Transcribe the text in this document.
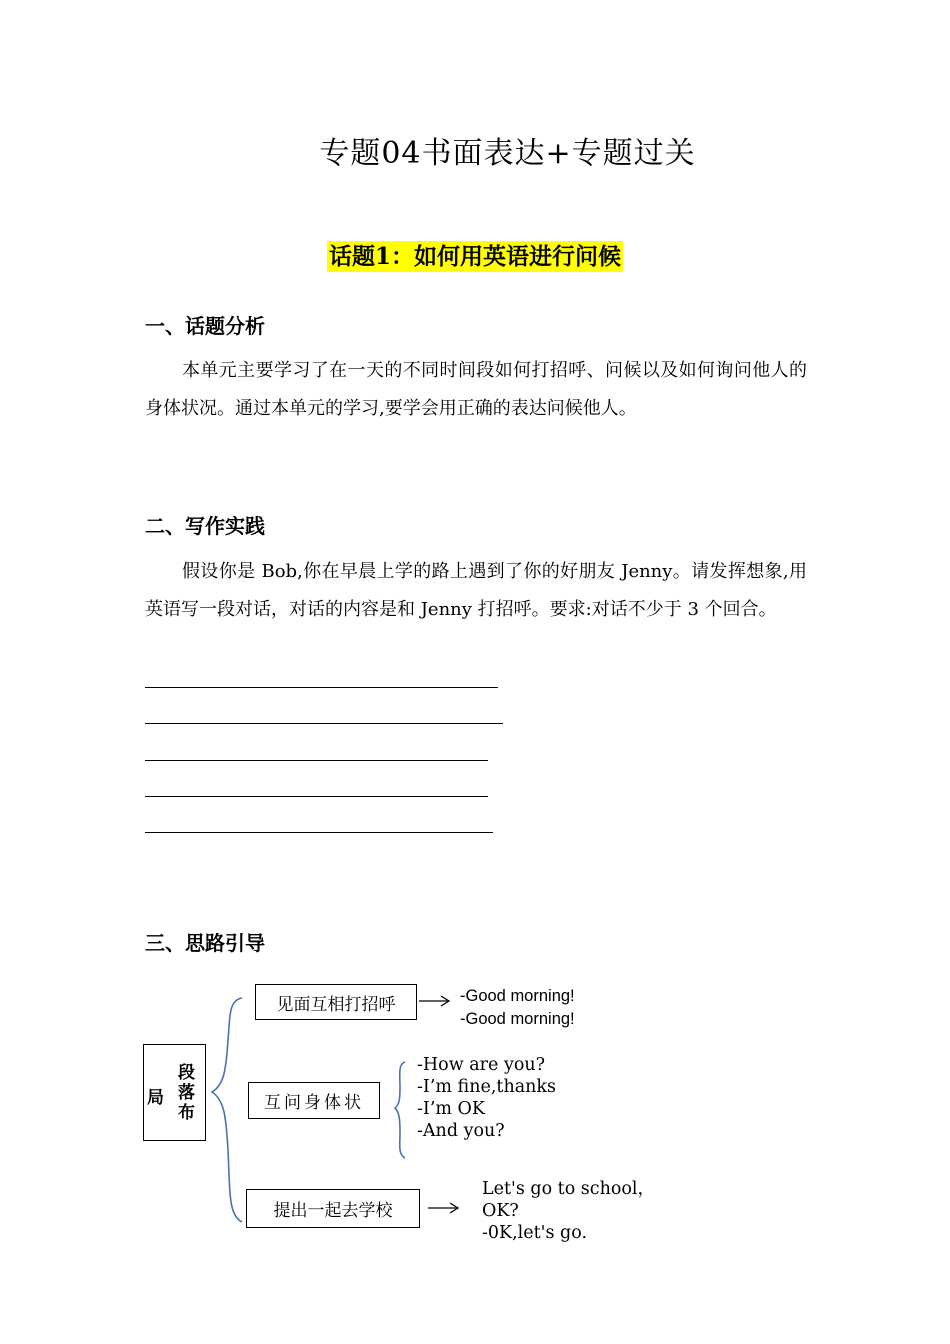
专题04书面表达+专题过关
话题1：如何用英语进行问候
一、话题分析
本单元主要学习了在一天的不同时间段如何打招呼、问候以及如何询问他人的身体状况。通过本单元的学习,要学会用正确的表达问候他人。
二、写作实践
假设你是 Bob,你在早晨上学的路上遇到了你的好朋友 Jenny。请发挥想象,用英语写一段对话，对话的内容是和 Jenny 打招呼。要求:对话不少于 3 个回合。
三、思路引导
局
段落布
见面互相打招呼
互问身体状
提出一起去学校
-Good morning!
-Good morning!
-How are you?
-I’m fine,thanks
-I’m OK
-And you?
Let's go to school，
OK?
-0K,let's go.
